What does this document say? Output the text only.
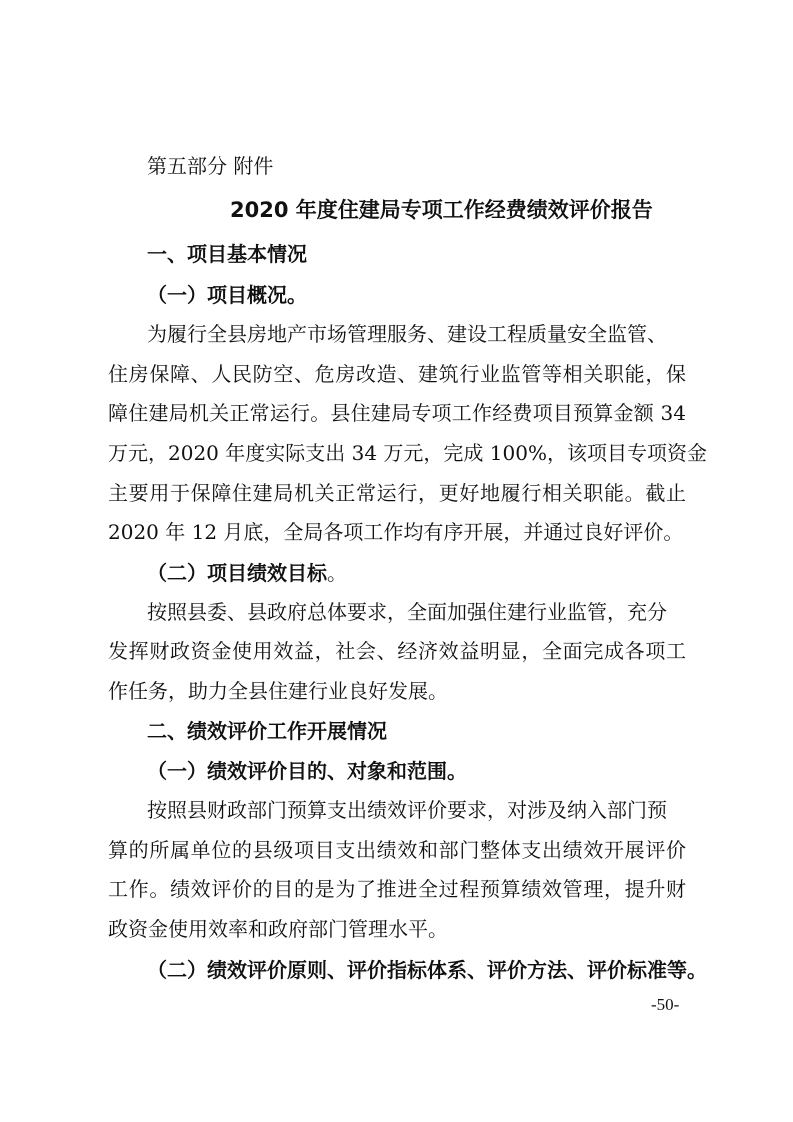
第五部分 附件
2020 年度住建局专项工作经费绩效评价报告
一、项目基本情况
（一）项目概况。
为履行全县房地产市场管理服务、建设工程质量安全监管、
住房保障、人民防空、危房改造、建筑行业监管等相关职能，保
障住建局机关正常运行。县住建局专项工作经费项目预算金额 34
万元，2020 年度实际支出 34 万元，完成 100%，该项目专项资金
主要用于保障住建局机关正常运行，更好地履行相关职能。截止
2020 年 12 月底，全局各项工作均有序开展，并通过良好评价。
（二）项目绩效目标。
按照县委、县政府总体要求，全面加强住建行业监管，充分
发挥财政资金使用效益，社会、经济效益明显，全面完成各项工
作任务，助力全县住建行业良好发展。
二、绩效评价工作开展情况
（一）绩效评价目的、对象和范围。
按照县财政部门预算支出绩效评价要求，对涉及纳入部门预
算的所属单位的县级项目支出绩效和部门整体支出绩效开展评价
工作。绩效评价的目的是为了推进全过程预算绩效管理，提升财
政资金使用效率和政府部门管理水平。
（二）绩效评价原则、评价指标体系、评价方法、评价标准等。
-50-
